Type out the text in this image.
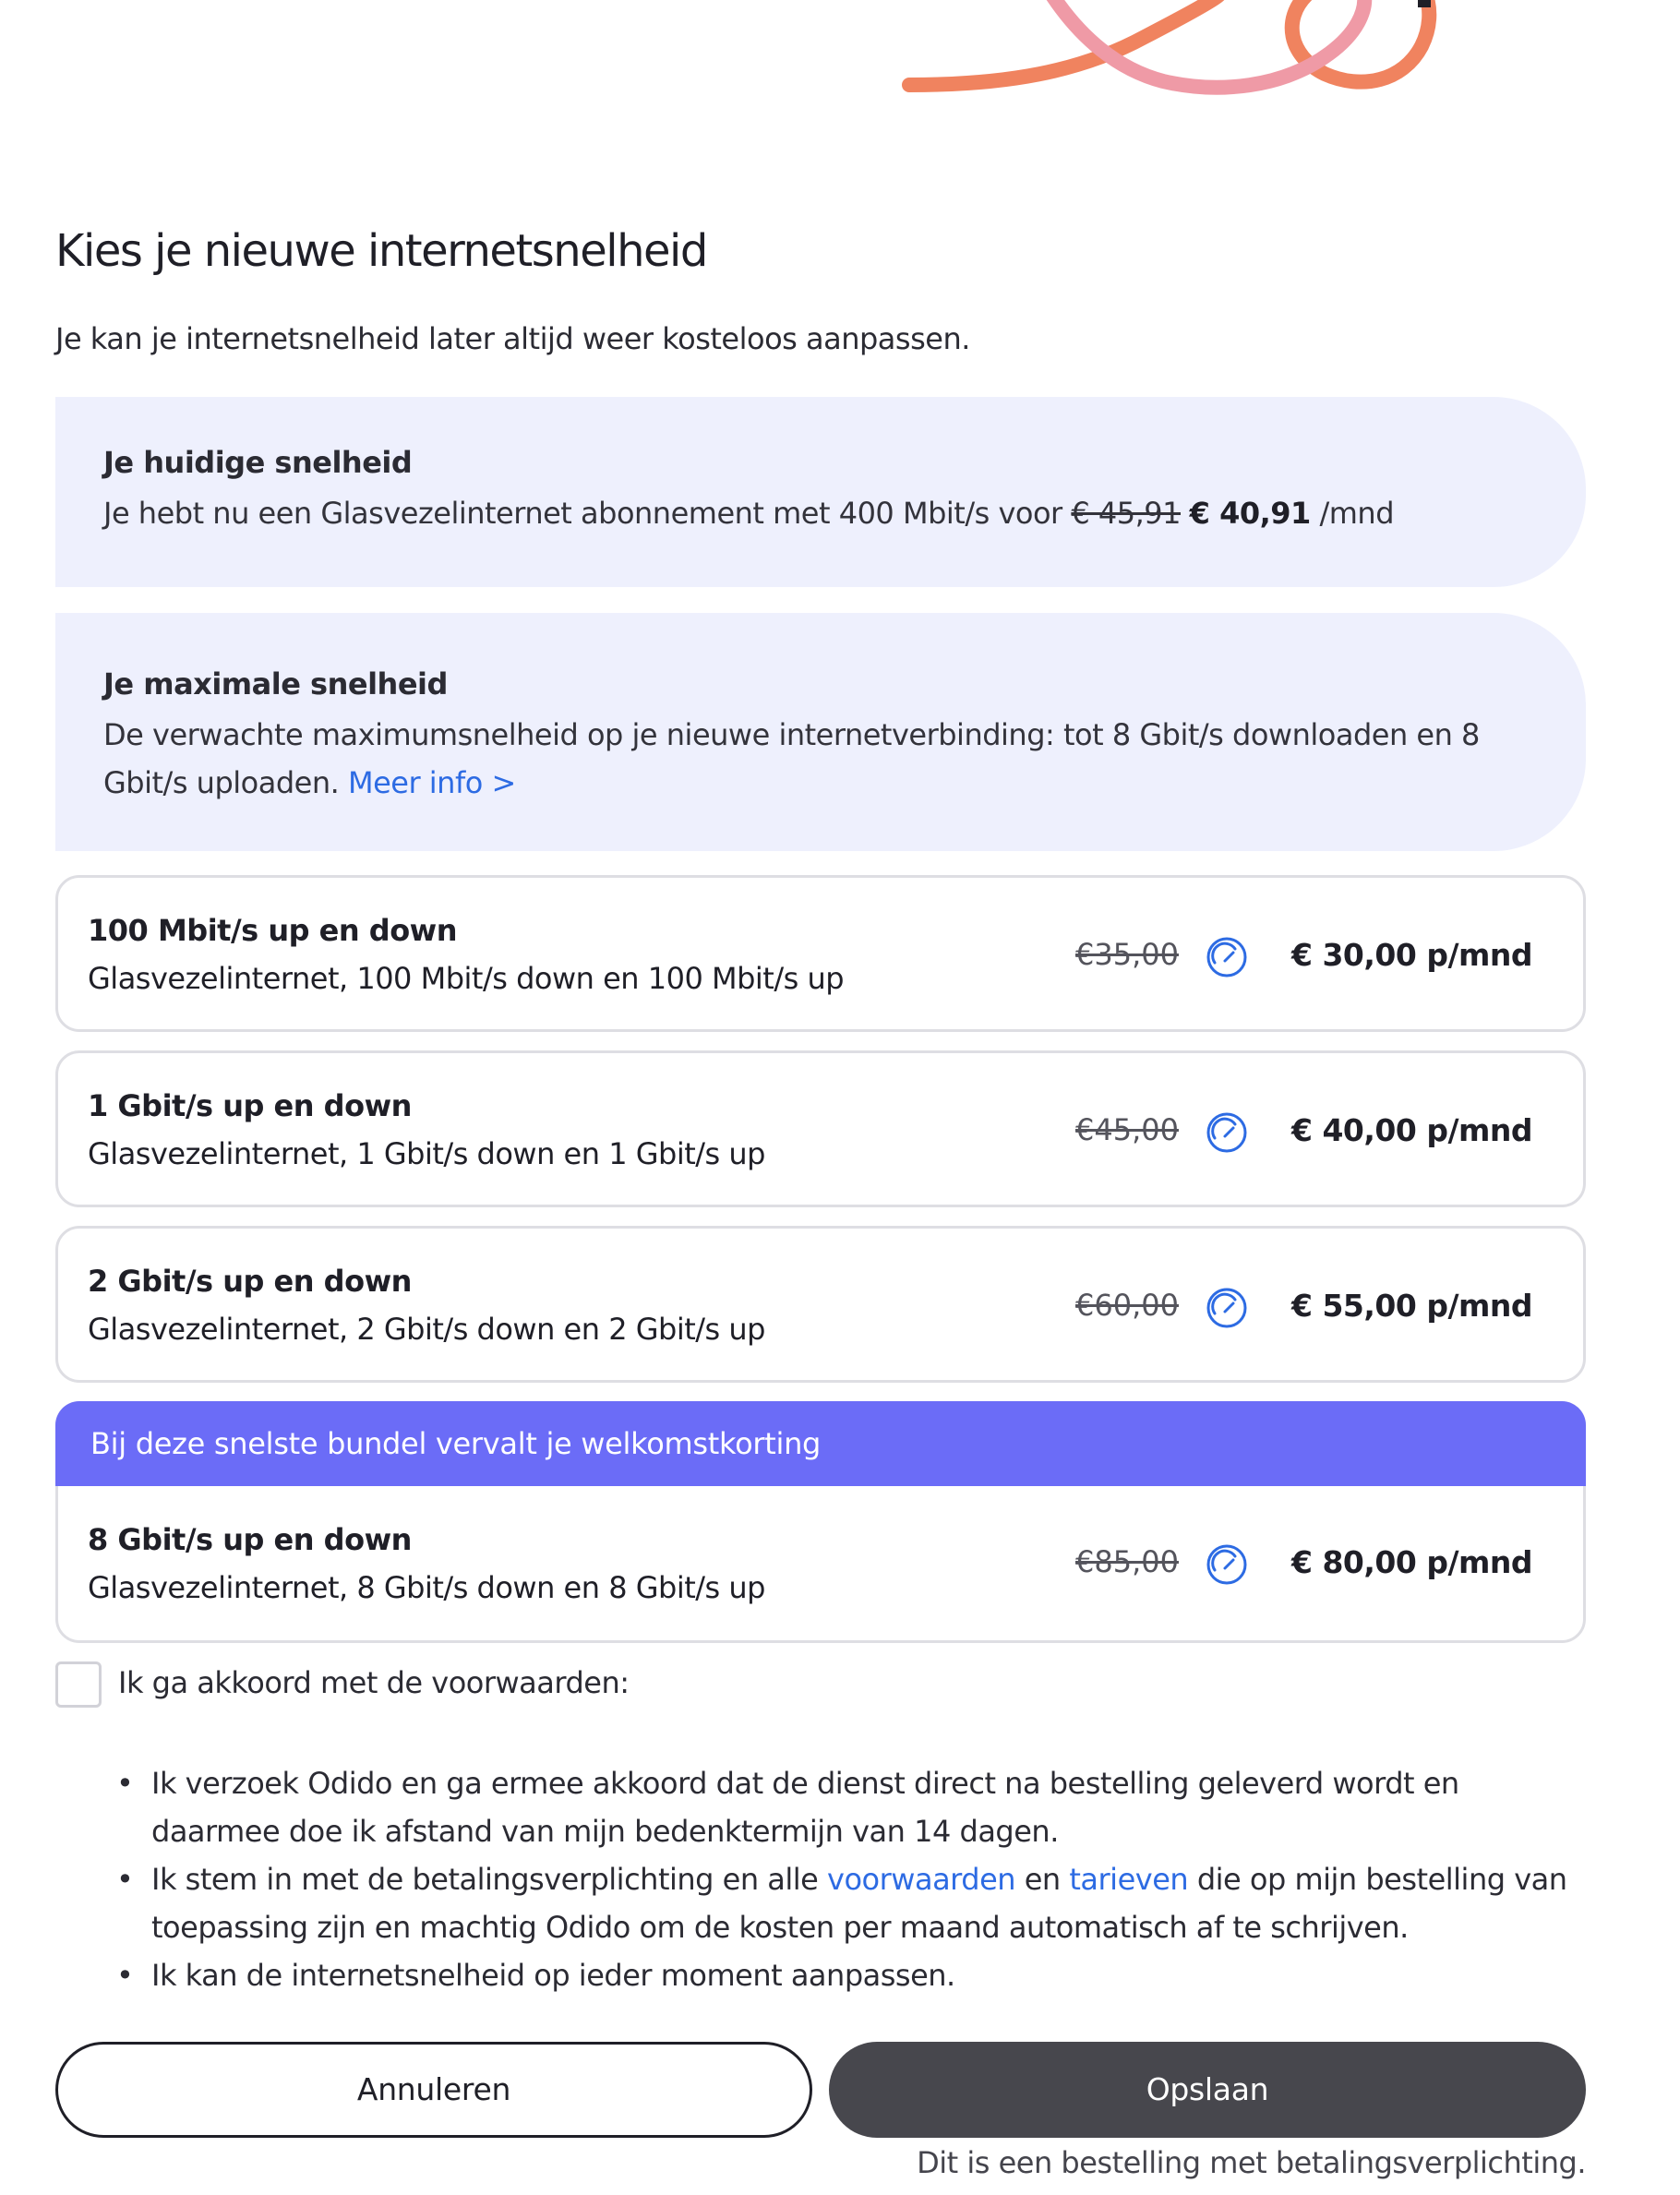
Kies je nieuwe internetsnelheid

Je kan je internetsnelheid later altijd weer kosteloos aanpassen.

Je huidige snelheid
Je hebt nu een Glasvezelinternet abonnement met 400 Mbit/s voor € 45,91 € 40,91 /mnd
Je maximale snelheid
De verwachte maximumsnelheid op je nieuwe internetverbinding: tot 8 Gbit/s downloaden en 8 Gbit/s uploaden. Meer info >
100 Mbit/s up en down
Glasvezelinternet, 100 Mbit/s down en 100 Mbit/s up
€35,00	€ 30,00 p/mnd
1 Gbit/s up en down
Glasvezelinternet, 1 Gbit/s down en 1 Gbit/s up
€45,00	€ 40,00 p/mnd
2 Gbit/s up en down
Glasvezelinternet, 2 Gbit/s down en 2 Gbit/s up
€60,00	€ 55,00 p/mnd
Bij deze snelste bundel vervalt je welkomstkorting
8 Gbit/s up en down
Glasvezelinternet, 8 Gbit/s down en 8 Gbit/s up
€85,00	€ 80,00 p/mnd
Ik ga akkoord met de voorwaarden:
• Ik verzoek Odido en ga ermee akkoord dat de dienst direct na bestelling geleverd wordt en daarmee doe ik afstand van mijn bedenktermijn van 14 dagen.
• Ik stem in met de betalingsverplichting en alle voorwaarden en tarieven die op mijn bestelling van toepassing zijn en machtig Odido om de kosten per maand automatisch af te schrijven.
• Ik kan de internetsnelheid op ieder moment aanpassen.
Annuleren	Opslaan
Dit is een bestelling met betalingsverplichting.
